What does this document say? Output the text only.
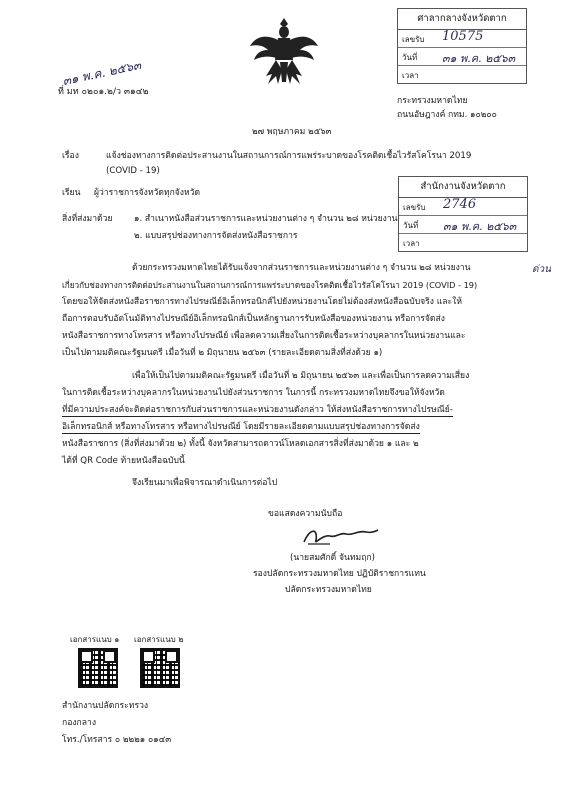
ศาลากลางจังหวัดตาก
เลขรับ 10575
วันที่ ๓๑ พ.ค. ๒๕๖๓
เวลา
๓๑ พ.ค. ๒๕๖๓
ที่ มท ๐๒๐๑.๒/ว ๓๑๔๒
กระทรวงมหาดไทย
ถนนอัษฎางค์ กทม. ๑๐๒๐๐
๒๗ พฤษภาคม ๒๕๖๓
เรื่อง	แจ้งช่องทางการติดต่อประสานงานในสถานการณ์การแพร่ระบาดของโรคติดเชื้อไวรัสโคโรนา 2019
(COVID - 19)
เรียน ผู้ว่าราชการจังหวัดทุกจังหวัด
สำนักงานจังหวัดตาก
เลขรับ 2746
วันที่ ๓๑ พ.ค. ๒๕๖๓
เวลา
สิ่งที่ส่งมาด้วย	๑. สำเนาหนังสือส่วนราชการและหน่วยงานต่าง ๆ จำนวน ๒๘ หน่วยงาน
๒. แบบสรุปช่องทางการจัดส่งหนังสือราชการ
ด่วน
ด้วยกระทรวงมหาดไทยได้รับแจ้งจากส่วนราชการและหน่วยงานต่าง ๆ จำนวน ๒๘ หน่วยงาน
เกี่ยวกับช่องทางการติดต่อประสานงานในสถานการณ์การแพร่ระบาดของโรคติดเชื้อไวรัสโคโรนา 2019 (COVID - 19)
โดยขอให้จัดส่งหนังสือราชการทางไปรษณีย์อิเล็กทรอนิกส์ไปยังหน่วยงานโดยไม่ต้องส่งหนังสือฉบับจริง และให้
ถือการตอบรับอัตโนมัติทางไปรษณีย์อิเล็กทรอนิกส์เป็นหลักฐานการรับหนังสือของหน่วยงาน หรือการจัดส่ง
หนังสือราชการทางโทรสาร หรือทางไปรษณีย์ เพื่อลดความเสี่ยงในการติดเชื้อระหว่างบุคลากรในหน่วยงานและ
เป็นไปตามมติคณะรัฐมนตรี เมื่อวันที่ ๒ มิถุนายน ๒๕๖๓ (รายละเอียดตามสิ่งที่ส่งด้วย ๑)
เพื่อให้เป็นไปตามมติคณะรัฐมนตรี เมื่อวันที่ ๒ มิถุนายน ๒๕๖๓ และเพื่อเป็นการลดความเสี่ยง
ในการติดเชื้อระหว่างบุคลากรในหน่วยงานไปยังส่วนราชการ ในการนี้ กระทรวงมหาดไทยจึงขอให้จังหวัด
ที่มีความประสงค์จะติดต่อราชการกับส่วนราชการและหน่วยงานดังกล่าว ให้ส่งหนังสือราชการทางไปรษณีย์-
อิเล็กทรอนิกส์ หรือทางโทรสาร หรือทางไปรษณีย์ โดยมีรายละเอียดตามแบบสรุปช่องทางการจัดส่ง
หนังสือราชการ (สิ่งที่ส่งมาด้วย ๒) ทั้งนี้ จังหวัดสามารถดาวน์โหลดเอกสารสิ่งที่ส่งมาด้วย ๑ และ ๒
ได้ที่ QR Code ท้ายหนังสือฉบับนี้
จึงเรียนมาเพื่อพิจารณาดำเนินการต่อไป
ขอแสดงความนับถือ
(นายสมศักดิ์ จันทมฤก)
รองปลัดกระทรวงมหาดไทย ปฏิบัติราชการแทน
ปลัดกระทรวงมหาดไทย
เอกสารแนบ ๑ เอกสารแนบ ๒
สำนักงานปลัดกระทรวง
กองกลาง
โทร./โทรสาร ๐ ๒๒๒๑ ๐๑๔๓
